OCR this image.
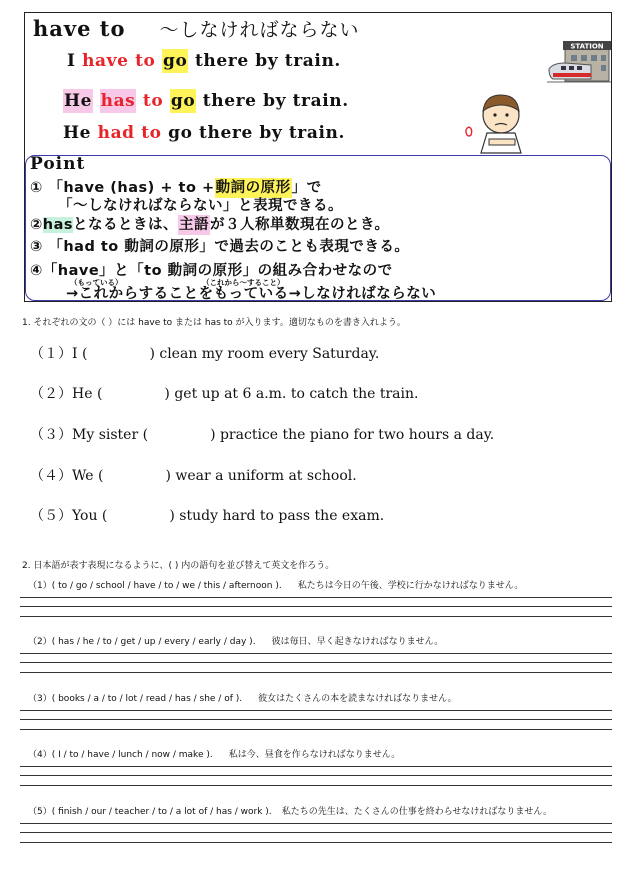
have to 〜しなければならない
I have to go there by train.
He has to go there by train.
He had to go there by train.
STATION
Point
① 「have (has) + to +動詞の原形」で
「〜しなければならない」と表現できる。
②hasとなるときは、主語が３人称単数現在のとき。
③ 「had to 動詞の原形」で過去のことも表現できる。
④「have」と「to 動詞の原形」の組み合わせなので
（もっている）	（これから〜すること）
→これからすることをもっている→しなければならない
1. それぞれの文の（ ）には have to または has to が入ります。適切なものを書き入れよう。
（１）I (	) clean my room every Saturday.
（２）He (	) get up at 6 a.m. to catch the train.
（３）My sister (	) practice the piano for two hours a day.
（４）We (	) wear a uniform at school.
（５）You (	) study hard to pass the exam.
2. 日本語が表す表現になるように、( ) 内の語句を並び替えて英文を作ろう。
（1）( to / go / school / have / to / we / this / afternoon ). 私たちは今日の午後、学校に行かなければなりません。
（2）( has / he / to / get / up / every / early / day ). 彼は毎日、早く起きなければなりません。
（3）( books / a / to / lot / read / has / she / of ). 彼女はたくさんの本を読まなければなりません。
（4）( I / to / have / lunch / now / make ). 私は今、昼食を作らなければなりません。
（5）( finish / our / teacher / to / a lot of / has / work ). 私たちの先生は、たくさんの仕事を終わらせなければなりません。
